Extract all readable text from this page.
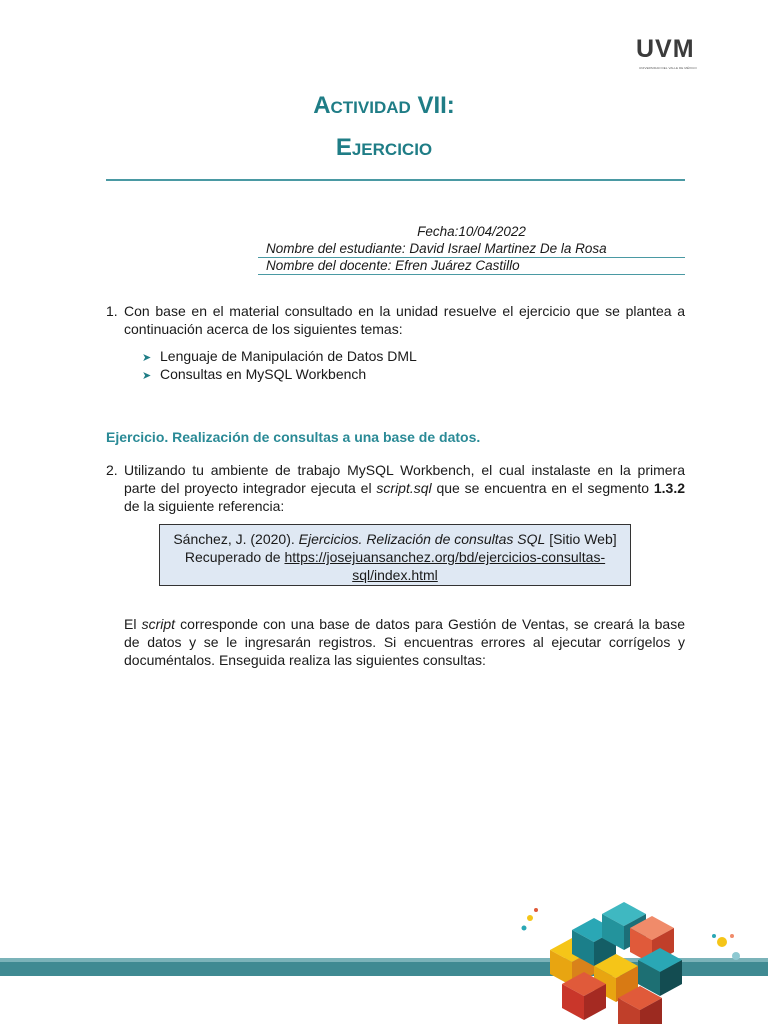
UVM
UNIVERSIDAD DEL VALLE DE MÉXICO
Actividad VII:
Ejercicio
Fecha:10/04/2022
Nombre del estudiante: David Israel Martinez De la Rosa
Nombre del docente: Efren Juárez Castillo
1. Con base en el material consultado en la unidad resuelve el ejercicio que se plantea a continuación acerca de los siguientes temas:
➤ Lenguaje de Manipulación de Datos DML
➤ Consultas en MySQL Workbench
Ejercicio. Realización de consultas a una base de datos.
2. Utilizando tu ambiente de trabajo MySQL Workbench, el cual instalaste en la primera parte del proyecto integrador ejecuta el script.sql que se encuentra en el segmento 1.3.2 de la siguiente referencia:
Sánchez, J. (2020). Ejercicios. Relización de consultas SQL [Sitio Web]
Recuperado de https://josejuansanchez.org/bd/ejercicios-consultas-sql/index.html
El script corresponde con una base de datos para Gestión de Ventas, se creará la base de datos y se le ingresarán registros. Si encuentras errores al ejecutar corrígelos y documéntalos. Enseguida realiza las siguientes consultas:
